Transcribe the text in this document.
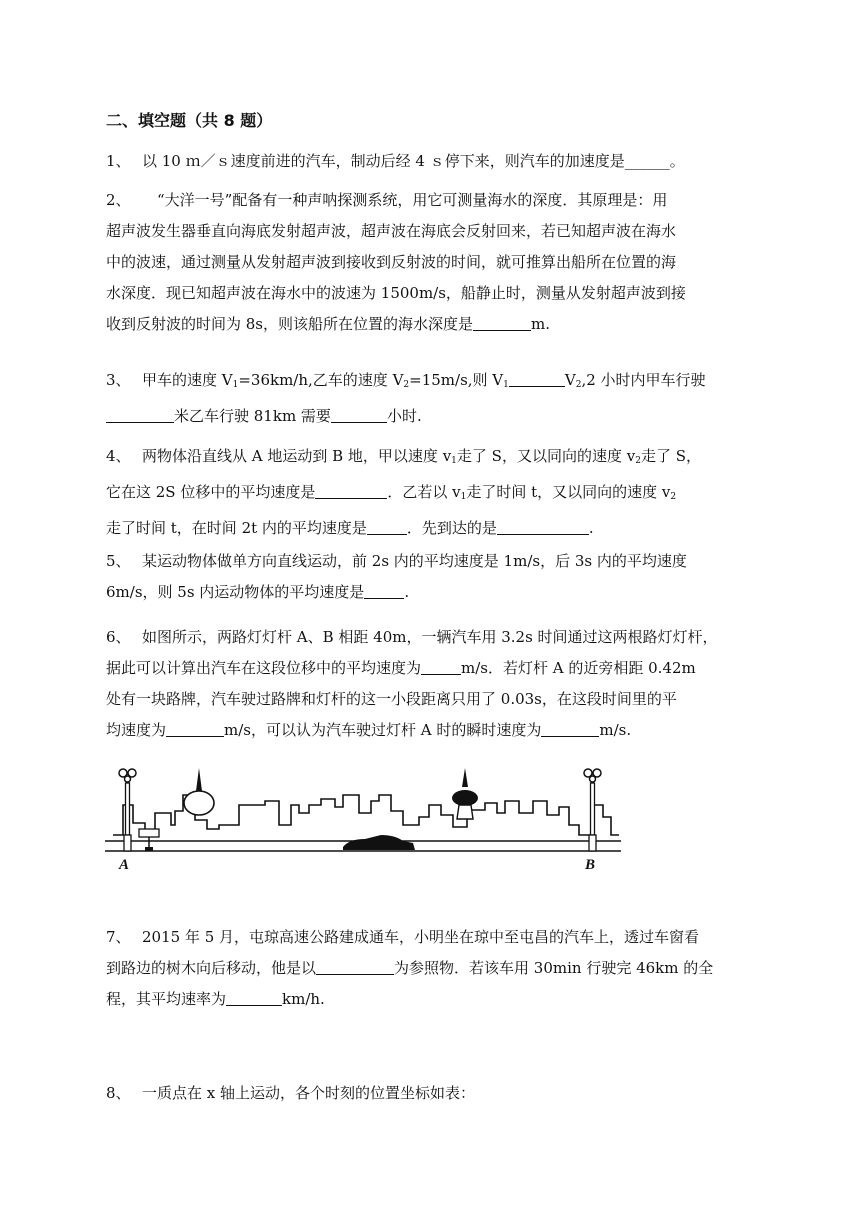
二、填空题（共 8 题）
1、 以 10 ｍ／ｓ速度前进的汽车，制动后经 4 ｓ停下来，则汽车的加速度是______。
2、　“大洋一号”配备有一种声呐探测系统，用它可测量海水的深度．其原理是：用
超声波发生器垂直向海底发射超声波，超声波在海底会反射回来，若已知超声波在海水
中的波速，通过测量从发射超声波到接收到反射波的时间，就可推算出船所在位置的海
水深度．现已知超声波在海水中的波速为 1500m/s，船静止时，测量从发射超声波到接
收到反射波的时间为 8s，则该船所在位置的海水深度是	m.
3、 甲车的速度 $V_1=36km/h$,乙车的速度 $V_2=15m/s$,则 $V_1$	$V_2,2$ 小时内甲车行驶
米乙车行驶 81km 需要	小时.
4、 两物体沿直线从 A 地运动到 B 地，甲以速度 $v_1$走了 S，又以同向的速度 $v_2$走了 S，
它在这 2S 位移中的平均速度是	．乙若以 $v_1$走了时间 t，又以同向的速度 $v_2$
走了时间 t，在时间 2t 内的平均速度是	．先到达的是	.
5、 某运动物体做单方向直线运动，前 2s 内的平均速度是 1m/s，后 3s 内的平均速度
6m/s，则 5s 内运动物体的平均速度是	.
6、 如图所示，两路灯灯杆 A、B 相距 40m，一辆汽车用 3.2s 时间通过这两根路灯灯杆，
据此可以计算出汽车在这段位移中的平均速度为	m/s．若灯杆 A 的近旁相距 0.42m
处有一块路牌，汽车驶过路牌和灯杆的这一小段距离只用了 0.03s，在这段时间里的平
均速度为	m/s，可以认为汽车驶过灯杆 A 时的瞬时速度为	m/s.
A	B
7、 2015 年 5 月，屯琼高速公路建成通车，小明坐在琼中至屯昌的汽车上，透过车窗看
到路边的树木向后移动，他是以	为参照物．若该车用 30min 行驶完 46km 的全
程，其平均速率为	km/h.
8、 一质点在 x 轴上运动，各个时刻的位置坐标如表：
